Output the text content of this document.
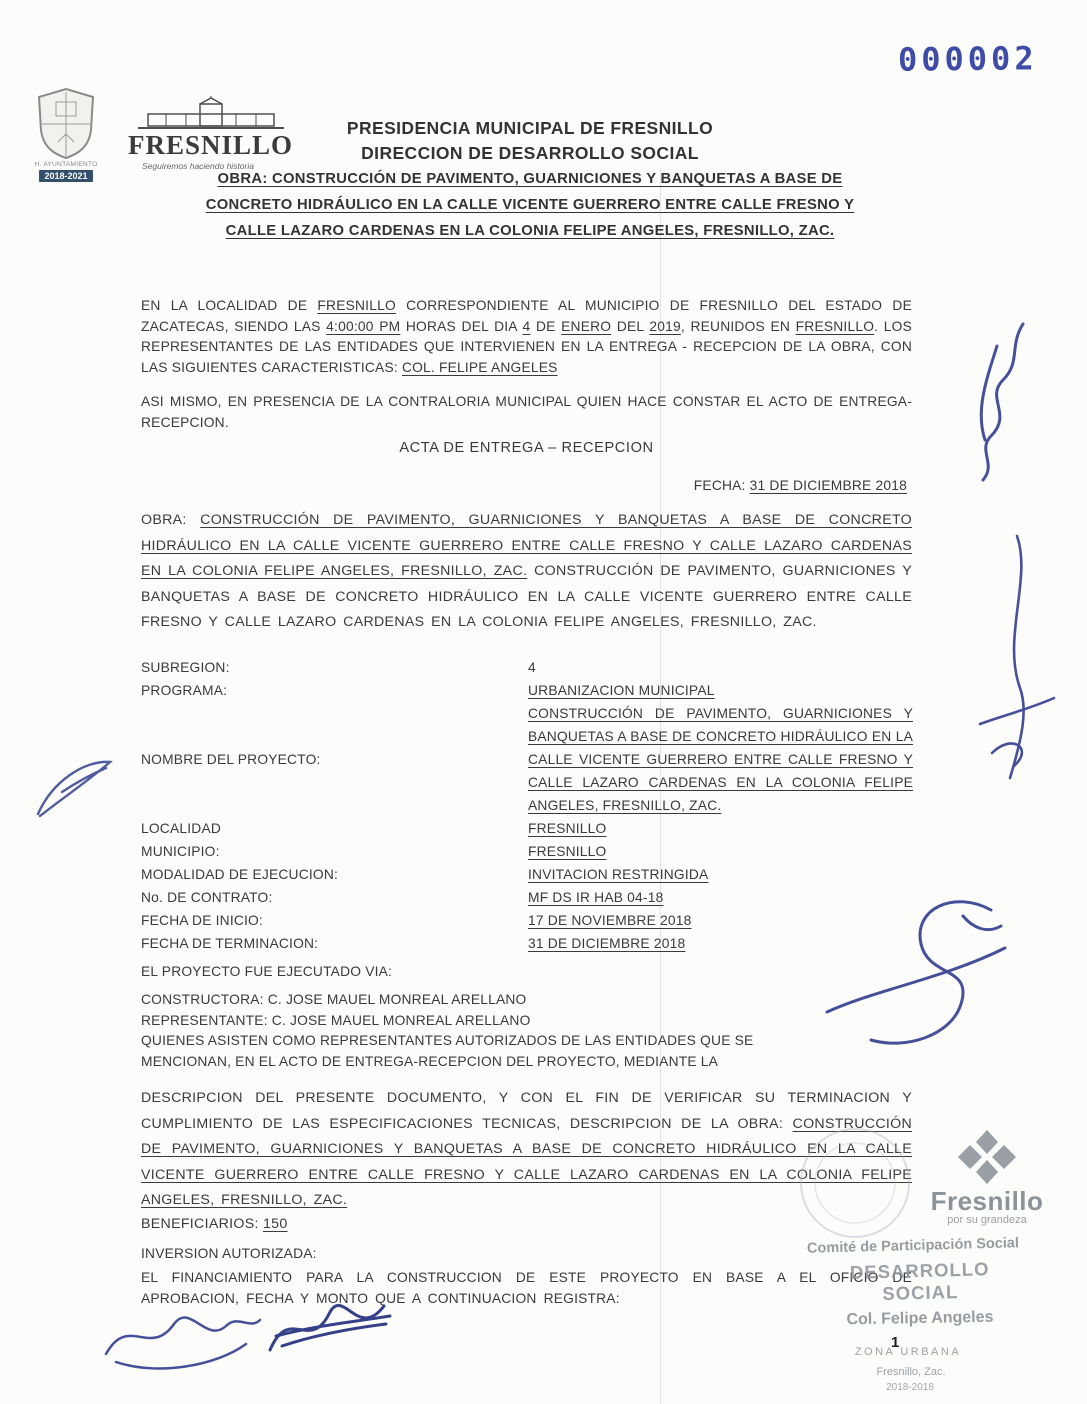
000002
H. AYUNTAMIENTO
2018-2021
FRESNILLO
Seguiremos haciendo historia
PRESIDENCIA MUNICIPAL DE FRESNILLO
DIRECCION DE DESARROLLO SOCIAL
OBRA: CONSTRUCCIÓN DE PAVIMENTO, GUARNICIONES Y BANQUETAS A BASE DE
CONCRETO HIDRÁULICO EN LA CALLE VICENTE GUERRERO ENTRE CALLE FRESNO Y
CALLE LAZARO CARDENAS EN LA COLONIA FELIPE ANGELES, FRESNILLO, ZAC.
EN LA LOCALIDAD DE FRESNILLO CORRESPONDIENTE AL MUNICIPIO DE FRESNILLO DEL ESTADO DE ZACATECAS, SIENDO LAS 4:00:00 PM HORAS DEL DIA 4 DE ENERO DEL 2019, REUNIDOS EN FRESNILLO. LOS REPRESENTANTES DE LAS ENTIDADES QUE INTERVIENEN EN LA ENTREGA - RECEPCION DE LA OBRA, CON LAS SIGUIENTES CARACTERISTICAS: COL. FELIPE ANGELES
ASI MISMO, EN PRESENCIA DE LA CONTRALORIA MUNICIPAL QUIEN HACE CONSTAR EL ACTO DE ENTREGA-RECEPCION.
ACTA DE ENTREGA – RECEPCION
FECHA: 31 DE DICIEMBRE 2018
OBRA: CONSTRUCCIÓN DE PAVIMENTO, GUARNICIONES Y BANQUETAS A BASE DE CONCRETO HIDRÁULICO EN LA CALLE VICENTE GUERRERO ENTRE CALLE FRESNO Y CALLE LAZARO CARDENAS EN LA COLONIA FELIPE ANGELES, FRESNILLO, ZAC. CONSTRUCCIÓN DE PAVIMENTO, GUARNICIONES Y BANQUETAS A BASE DE CONCRETO HIDRÁULICO EN LA CALLE VICENTE GUERRERO ENTRE CALLE FRESNO Y CALLE LAZARO CARDENAS EN LA COLONIA FELIPE ANGELES, FRESNILLO, ZAC.
SUBREGION:	4
PROGRAMA:	URBANIZACION MUNICIPAL
NOMBRE DEL PROYECTO:
CONSTRUCCIÓN DE PAVIMENTO, GUARNICIONES Y BANQUETAS A BASE DE CONCRETO HIDRÁULICO EN LA CALLE VICENTE GUERRERO ENTRE CALLE FRESNO Y CALLE LAZARO CARDENAS EN LA COLONIA FELIPE ANGELES, FRESNILLO, ZAC.
LOCALIDAD	FRESNILLO
MUNICIPIO:	FRESNILLO
MODALIDAD DE EJECUCION:	INVITACION RESTRINGIDA
No. DE CONTRATO:	MF DS IR HAB 04-18
FECHA DE INICIO:	17 DE NOVIEMBRE 2018
FECHA DE TERMINACION:	31 DE DICIEMBRE 2018
EL PROYECTO FUE EJECUTADO VIA:
CONSTRUCTORA: C. JOSE MAUEL MONREAL ARELLANO
REPRESENTANTE: C. JOSE MAUEL MONREAL ARELLANO
QUIENES ASISTEN COMO REPRESENTANTES AUTORIZADOS DE LAS ENTIDADES QUE SE
MENCIONAN, EN EL ACTO DE ENTREGA-RECEPCION DEL PROYECTO, MEDIANTE LA
DESCRIPCION DEL PRESENTE DOCUMENTO, Y CON EL FIN DE VERIFICAR SU TERMINACION Y CUMPLIMIENTO DE LAS ESPECIFICACIONES TECNICAS, DESCRIPCION DE LA OBRA: CONSTRUCCIÓN DE PAVIMENTO, GUARNICIONES Y BANQUETAS A BASE DE CONCRETO HIDRÁULICO EN LA CALLE VICENTE GUERRERO ENTRE CALLE FRESNO Y CALLE LAZARO CARDENAS EN LA COLONIA FELIPE ANGELES, FRESNILLO, ZAC.
BENEFICIARIOS: 150
INVERSION AUTORIZADA:
EL FINANCIAMIENTO PARA LA CONSTRUCCION DE ESTE PROYECTO EN BASE A EL OFICIO DE APROBACION, FECHA Y MONTO QUE A CONTINUACION REGISTRA:
1
Fresnillo
por su grandeza
Comité de Participación Social
DESARROLLO SOCIAL
Col. Felipe Angeles
ZONA URBANA
Fresnillo, Zac.
2018-2018
